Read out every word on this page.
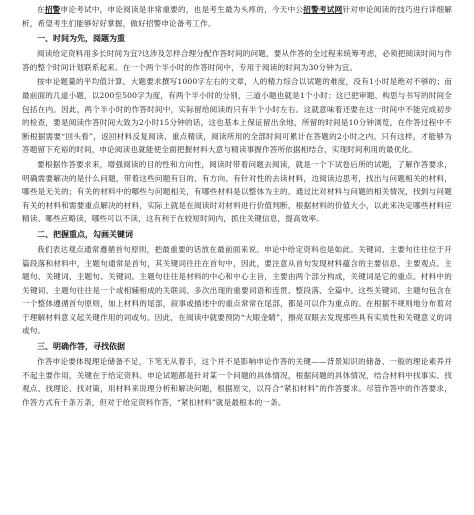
在招警申论考试中，申论阅读是非常重要的，也是考生最为头疼的，今天中公招警考试网针对申论阅读的技巧进行详细解析，希望考生们能够好好掌握，做好招警申论备考工作。

一、时间为先，阅题为重

阅读给定资料用多长时间为宜?这涉及怎样合理分配作答时间的问题，要从作答的全过程来统筹考虑，必须把阅读时间与作答的整个时间计划联系起来。在一个两个半小时的作答时间中，专用于阅读的时间为30分钟为宜。

按申论题量的平均值计算，大题要求撰写1000字左右的文章，人的精力综合以试题的难度，没有1小时是绝对不够的；而最前面的几道小题，以200至500字为度，有两个半小时的分别，三道小题也就是1个小时；这已把审题、构思与书写的时间全包括在内。因此，两个半小时的作答时间中，实际留给阅读的只有半个小时左右。这就意味着还要在这一时间中不能完成初步的检查，要是阅读作答时间大致为2小时15分钟的话，这也基本上保证留出余地，所留的时间是10分钟浏览，在作答过程中不断根据需要“回头看”，返回材料反复阅读、重点精读，阅读所用的全部时间可累计在答题的2小时之内。只有这样，才能够为答题留下充裕的时间，申论阅读也就能使全面把握材料大意与精读事握作答所依据相结合，实现时间利用的最优化。

要根据作答要求来，增强阅读的目的性和方向性，阅读时带着问题去阅读，就是一个下试卷后所的试题，了解作答要求，明确需要解决的是什么问题，带着这些问题有目的、有方向、有针对性的去读材料，边阅读边思考，找出与问题相关的材料，哪些是无关的；有关的材料中的哪些与问题相关，有哪些材料是以整体为主的。通过比对材料与问题的相关情况，找到与问题有关的材料和需要重点解决的材料，实际上就是在阅读时对材料进行价值判断，根据材料的价值大小，以此来决定哪些材料应精读、哪些应略读，哪些可以不读，这有利于在较短时间内，抓住关键信息，提高效率。

二、把握重点，勾画关键词

我们表达观点通常遵循首句原则，把最重要的话放在最前面来说。申论中给定资料也是如此。关键词、主要句往往位于开篇段落和材料中，主题句通常是首句，其关键词往往在首句中，因此，要注意从首句发现材料蕴含的主要信息、主要观点。主题句、关键词、主题句、关键词。主题句往往是材料的中心和中心主旨，主要由两个部分构成，关键词是它的重点。材料中的关键词、主题句往往是一个或相辅相成的关联词、多次出现的重要词语和连贯、整段落、全篇中。这些关键词、主题句包含在一个整体遵循首句原则，加上材料的尾部，叙事或描述中的重点常常在尾部，都是可以作为重点的。在根据不规则地分布着对于理解材料意义起关键作用的词或句。因此，在阅读中就要预防“大眼金睛”，擦亮双眼去发现那些具有实质性和关键意义的词或句。

三、明确作答，寻找依据

作答申论要体现理论储备不足，下笔无从着手，这个并不是影响申论作答的关键——背景知识的储备、一般的理论素养并不起主要作用，关键在于给定资料。申论试题都是针对某一个问题的具体情况，根据问题的具体情况，结合材料中找事实、找观点、找理论、找对策，用材料来说理分析和解决问题，根据原文，以符合“紧扣材料”的作答要求。尽管作答中的作答要求，作答方式有千条万条，但对于给定资料作答，“紧扣材料”就是最根本的一条。
